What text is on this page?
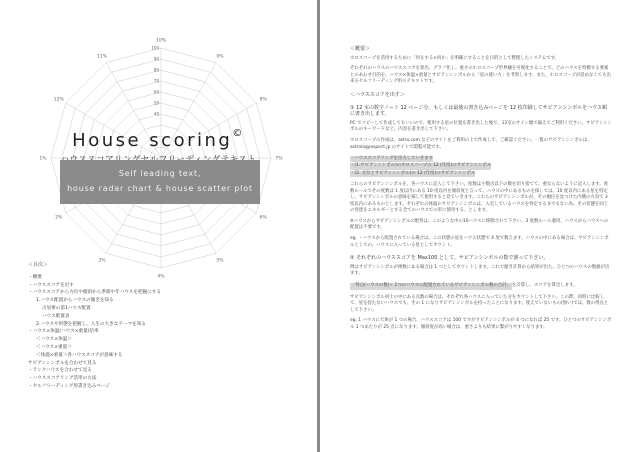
10%
9%
8%
7%
6%
5%
4%
3%
2%
1%
12%
11%
100
90
80
70
60
50
40
House scoring©
Self leading text,
house radar chart & house scatter plot
＜目次＞
・概要
・ハウススコアを出す
・ハウススコアから方位や傾斜から季節や年ハウスを把握にする
1.ハウス配置からハウスの傾きを知る
占星術の第1ハウス配置
ハウス配置表
2.ハウスや形態を把握し、人生の大きなテーマを知る
・ハウス×体温(ハウス×重量)倍率
＜ハウス×体温＞
＜ハウス×重量＞
＜体温×重量＞各ハウススコアが意味する
サビアンシンボルを合わせて見る
・ランクハウスを合わせて見る
・ハウススコアリング活用の方法
・セルフリーディング用書き込みページ
＜概要＞

ホロスコープを活用するために「何をする×何か」を明確にすることを目的として整理したシステムです。

それぞれのハウスのハウススコアを算出、グラフ化し、重さのホロスコープ世界観を可視化することで、どのハウスを特徴する要素とのあわせ目的を、ハウス×体温×重量とサビアンシンボルから「星の使い方」を考察します。また、ホロスコープが読めなくても出来るセルフリーディング用のテキストです。

＜ハウススコアを出す＞
① 12 室の数字ノート 12 ページ分、もしくは最後の書き込みページを 12 枚印刷してサビアンシンボルをハウス順に書き出します。

PC でコピーして作成してもいいので、使用する星の位置を書き出した後で、12室のサイン順で揃えてご利用ください。サビアンシンボルのキーワードなど、内容を書き出して下さい。

ホロスコープの作成は、astro.com などのサイトをご利用の上で作成して、ご確認ください。一覧のサビアンシンボルは、astrologyaspect.jp のサイトで閲覧可能です。

・ハウススコアリングを出力していきます
・(1.サビアンシンボル)のホロスコープの 12 (年度)のサビアンシンボル
・(2. 方位とサビアンシンボル)の 12 (年度)のサビアンシンボル

これらのサビアンシンボルを、各ハウスに記入して下さい。度数は小数点以下の数を切り捨てて、重ならないように記入します。度数ルールでその度数は 1 度以内にある 10 度以内を傾斜度と言って、ハウスの中にあるものを探しては、10 度以内にある星を特定し、サビアンシンボルの意味を探して使用すると見ていきます。これらのサビアンシンボルが、その順位を見つけた内側の方向で 3 度以内にあるものとします。それぞれの体温のサビアンシンボルは、入室しているハウスを特定するまでもない為、その状態を同じの発達をエネルギーとする全てのハウスでの形に使用する、とします。

※ハウスからサビアンシンボルの配列は、このような中の10ハウスに移動されて下さい。3 度数ルール適用、ハウスからハウスへの配置は不要です。

eg. ・ハウスから配置されている場合は、この状態の星をハウス状態で 4 度で数えます。ハウスの中にある場合は、サビアンシンボルとしての、ハウスに入っている星としてカウント。

② それぞれのハウススコアを Max100 として、サビアンシンボルの数で割って下さい。

例はサビアンシンボルが複数にある場合は 1 つとしてカウントします。これで傾き計算から結果が出た、ひとつのハウスの数値が出ます。

「得点(ハウスの数)÷ 1つのハウスに配置されているサビアンシンボル数の合計」を計算し、スコアを算出します。

サビアンシンボル同士の中にある点数の場合は、それぞれ各ハウスに入っていた分をカウントして下さい。この際、同時に比較して、星を持たないハウスでも、その 1 になりサビアンシンボルを持ったことになります。使えていないもの(無い)では、数の得点として下さい。

eg. 1 ハウスに天体が 1 つの場合、ハウススコアは 100 ですがサビアンシンボルが 4 つになれば 25 です。ひとつのサビアンシンボル 1 つあたりが 25 点になります。傾斜度が高い場合は、重さよりも結果に繋がりやすくなります。
